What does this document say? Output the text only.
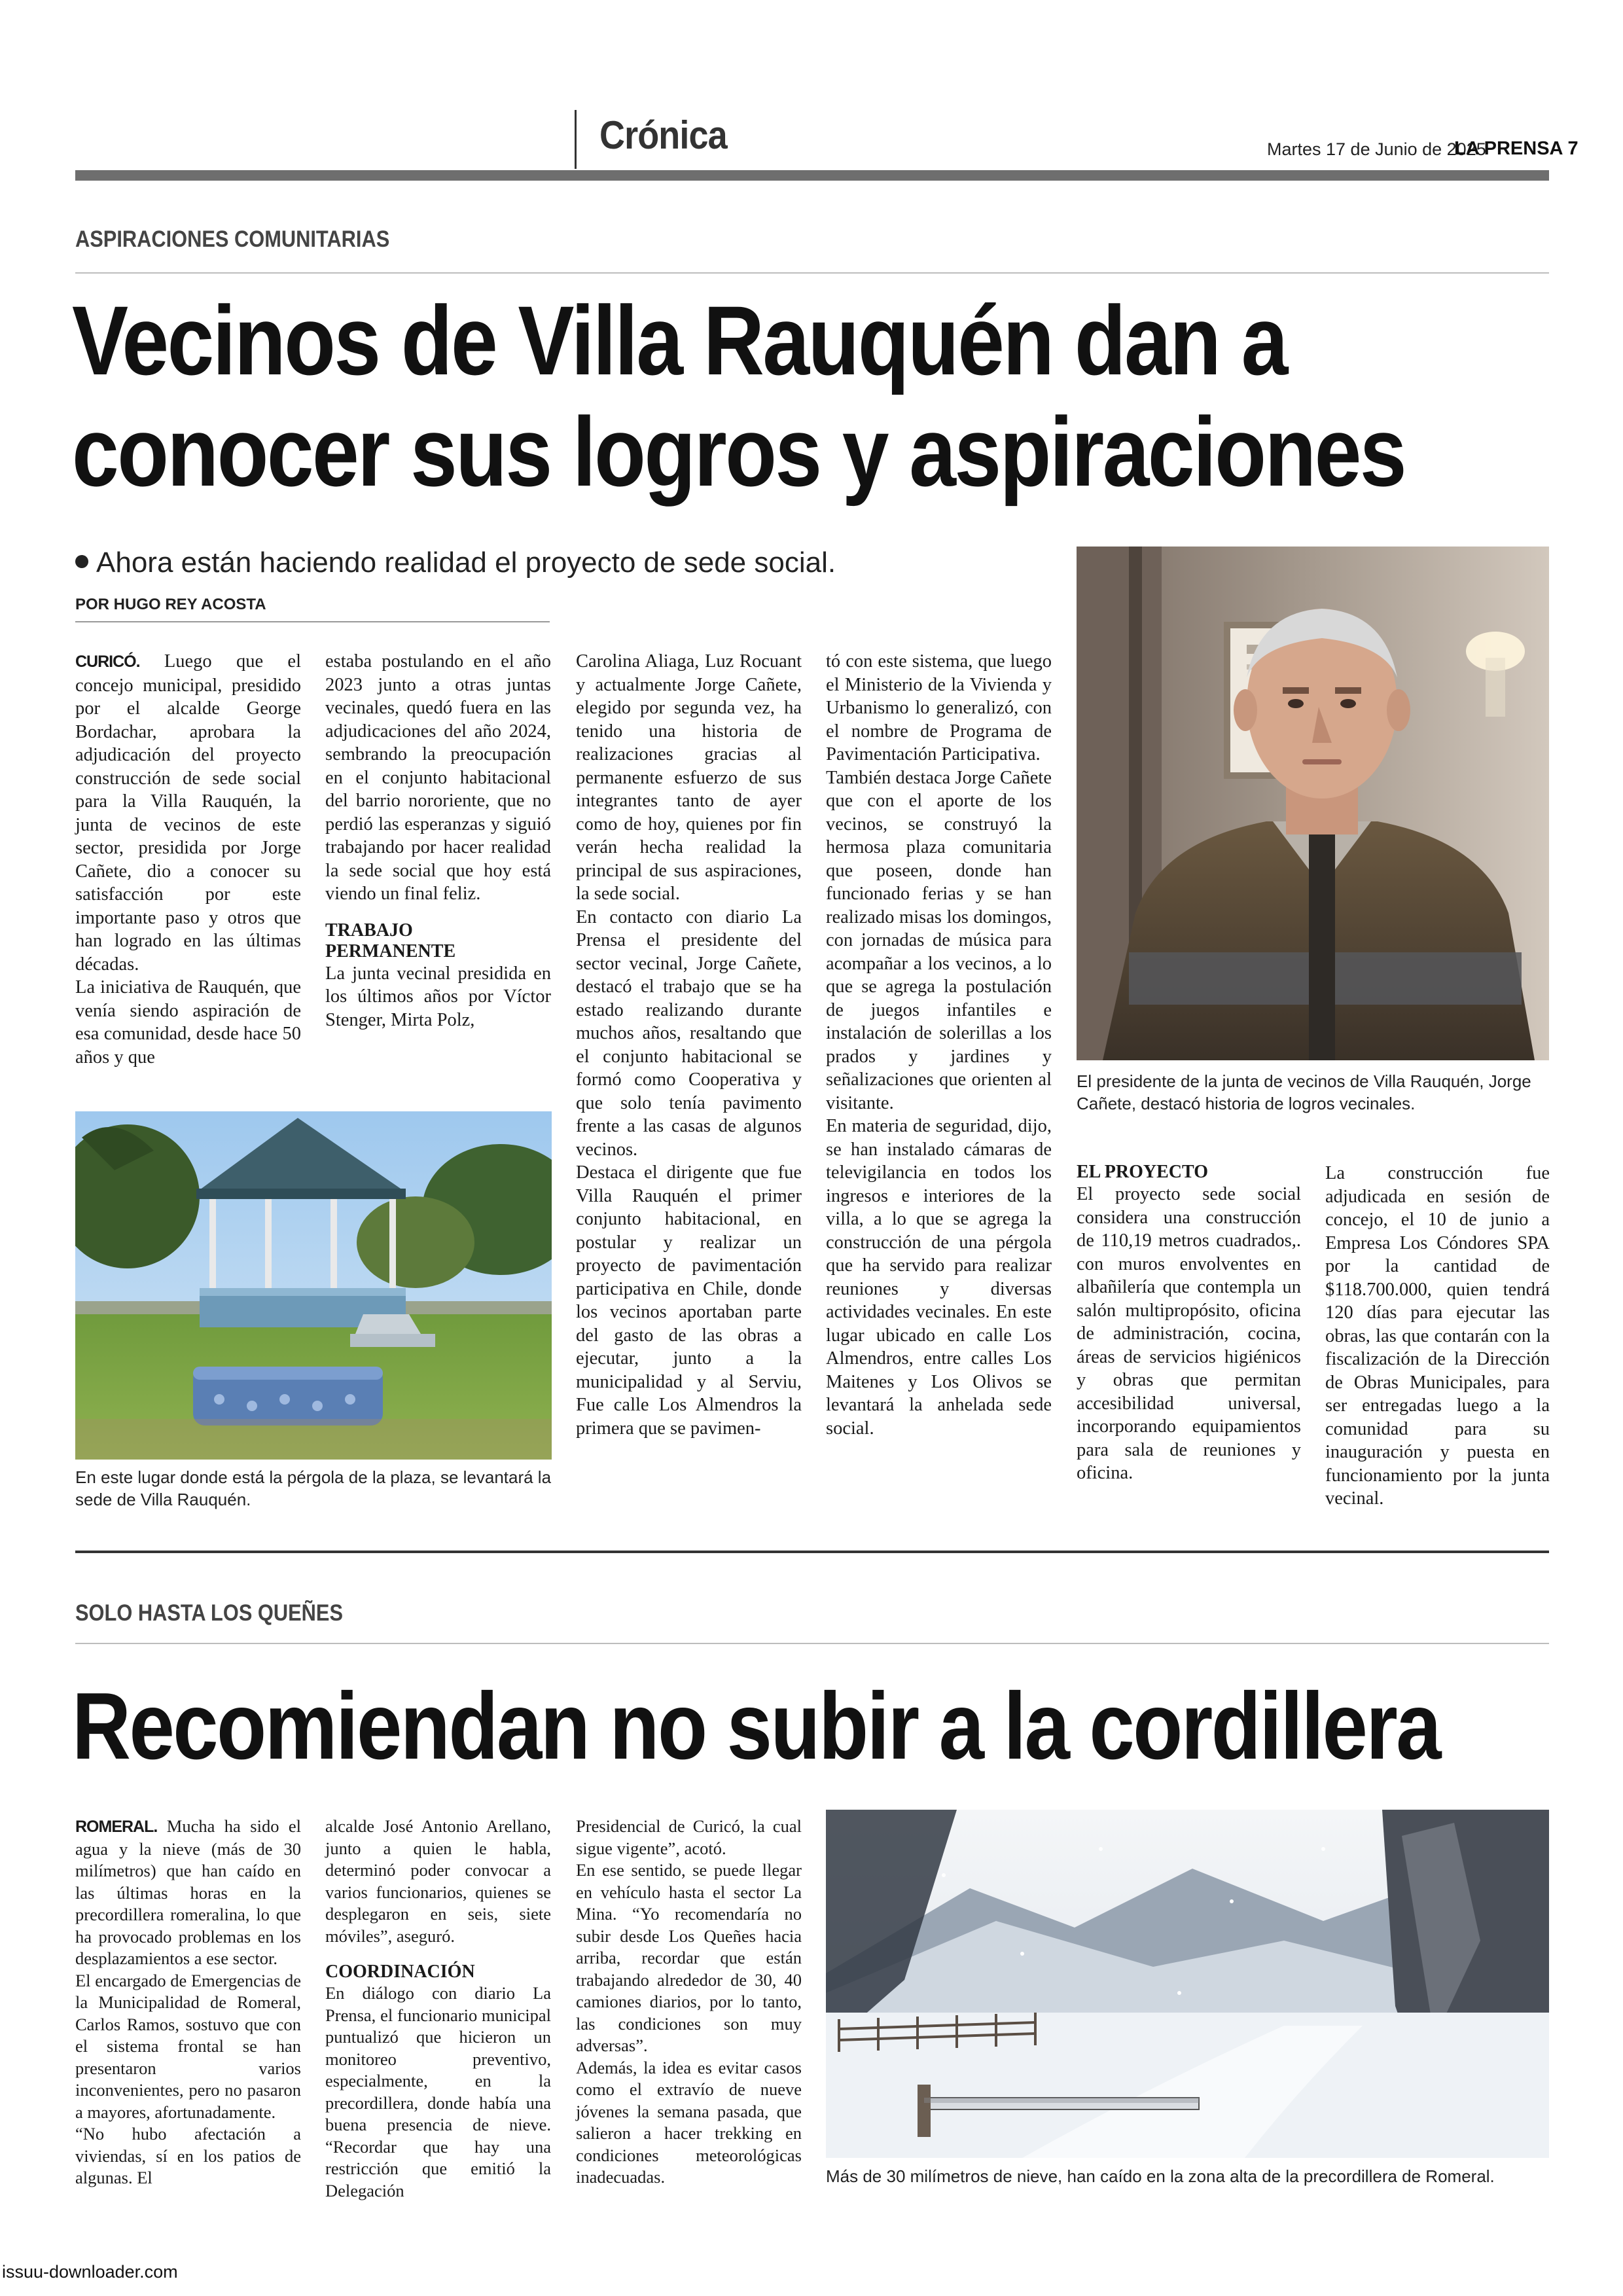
Crónica	Martes 17 de Junio de 2025
LA PRENSA 7
ASPIRACIONES COMUNITARIAS
Vecinos de Villa Rauquén dan a
conocer sus logros y aspiraciones
Ahora están haciendo realidad el proyecto de sede social.
POR HUGO REY ACOSTA

CURICÓ. Luego que el concejo municipal, presidido por el alcalde George Bordachar, aprobara la adjudicación del proyecto construcción de sede social para la Villa Rauquén, la junta de vecinos de este sector, presidida por Jorge Cañete, dio a conocer su satisfacción por este importante paso y otros que han logrado en las últimas décadas.

La iniciativa de Rauquén, que venía siendo aspiración de esa comunidad, desde hace 50 años y que

estaba postulando en el año 2023 junto a otras juntas vecinales, quedó fuera en las adjudicaciones del año 2024, sembrando la preocupación en el conjunto habitacional del barrio nororiente, que no perdió las esperanzas y siguió trabajando por hacer realidad la sede social que hoy está viendo un final feliz.

TRABAJO
PERMANENTE

La junta vecinal presidida en los últimos años por Víctor Stenger, Mirta Polz,

En este lugar donde está la pérgola de la plaza, se levantará la sede de Villa Rauquén.

Carolina Aliaga, Luz Rocuant y actualmente Jorge Cañete, elegido por segunda vez, ha tenido una historia de realizaciones gracias al permanente esfuerzo de sus integrantes tanto de ayer como de hoy, quienes por fin verán hecha realidad la principal de sus aspiraciones, la sede social.

En contacto con diario La Prensa el presidente del sector vecinal, Jorge Cañete, destacó el trabajo que se ha estado realizando durante muchos años, resaltando que el conjunto habitacional se formó como Cooperativa y que solo tenía pavimento frente a las casas de algunos vecinos.

Destaca el dirigente que fue Villa Rauquén el primer conjunto habitacional, en postular y realizar un proyecto de pavimentación participativa en Chile, donde los vecinos aportaban parte del gasto de las obras a ejecutar, junto a la municipalidad y al Serviu, Fue calle Los Almendros la primera que se pavimen-

tó con este sistema, que luego el Ministerio de la Vivienda y Urbanismo lo generalizó, con el nombre de Programa de Pavimentación Participativa.

También destaca Jorge Cañete que con el aporte de los vecinos, se construyó la hermosa plaza comunitaria que poseen, donde han funcionado ferias y se han realizado misas los domingos, con jornadas de música para acompañar a los vecinos, a lo que se agrega la postulación de juegos infantiles e instalación de solerillas a los prados y jardines y señalizaciones que orienten al visitante.

En materia de seguridad, dijo, se han instalado cámaras de televigilancia en todos los ingresos e interiores de la villa, a lo que se agrega la construcción de una pérgola que ha servido para realizar reuniones y diversas actividades vecinales. En este lugar ubicado en calle Los Almendros, entre calles Los Maitenes y Los Olivos se levantará la anhelada sede social.

El presidente de la junta de vecinos de Villa Rauquén, Jorge Cañete, destacó historia de logros vecinales.
EL PROYECTO

El proyecto sede social considera una construcción de 110,19 metros cuadrados,. con muros envolventes en albañilería que contempla un salón multipropósito, oficina de administración, cocina, áreas de servicios higiénicos y obras que permitan accesibilidad universal, incorporando equipamientos para sala de reuniones y oficina.

La construcción fue adjudicada en sesión de concejo, el 10 de junio a Empresa Los Cóndores SPA por la cantidad de $118.700.000, quien tendrá 120 días para ejecutar las obras, las que contarán con la fiscalización de la Dirección de Obras Municipales, para ser entregadas luego a la comunidad para su inauguración y puesta en funcionamiento por la junta vecinal.

SOLO HASTA LOS QUEÑES
Recomiendan no subir a la cordillera

ROMERAL. Mucha ha sido el agua y la nieve (más de 30 milímetros) que han caído en las últimas horas en la precordillera romeralina, lo que ha provocado problemas en los desplazamientos a ese sector.

El encargado de Emergencias de la Municipalidad de Romeral, Carlos Ramos, sostuvo que con el sistema frontal se han presentaron varios inconvenientes, pero no pasaron a mayores, afortunadamente.

“No hubo afectación a viviendas, sí en los patios de algunas. El

alcalde José Antonio Arellano, junto a quien le habla, determinó poder convocar a varios funcionarios, quienes se desplegaron en seis, siete móviles”, aseguró.

COORDINACIÓN

En diálogo con diario La Prensa, el funcionario municipal puntualizó que hicieron un monitoreo preventivo, especialmente, en la precordillera, donde había una buena presencia de nieve. “Recordar que hay una restricción que emitió la Delegación

Presidencial de Curicó, la cual sigue vigente”, acotó.

En ese sentido, se puede llegar en vehículo hasta el sector La Mina. “Yo recomendaría no subir desde Los Queñes hacia arriba, recordar que están trabajando alrededor de 30, 40 camiones diarios, por lo tanto, las condiciones son muy adversas”.

Además, la idea es evitar casos como el extravío de nueve jóvenes la semana pasada, que salieron a hacer trekking en condiciones meteorológicas inadecuadas.	Más de 30 milímetros de nieve, han caído en la zona alta de la precordillera de Romeral.
issuu-downloader.com
